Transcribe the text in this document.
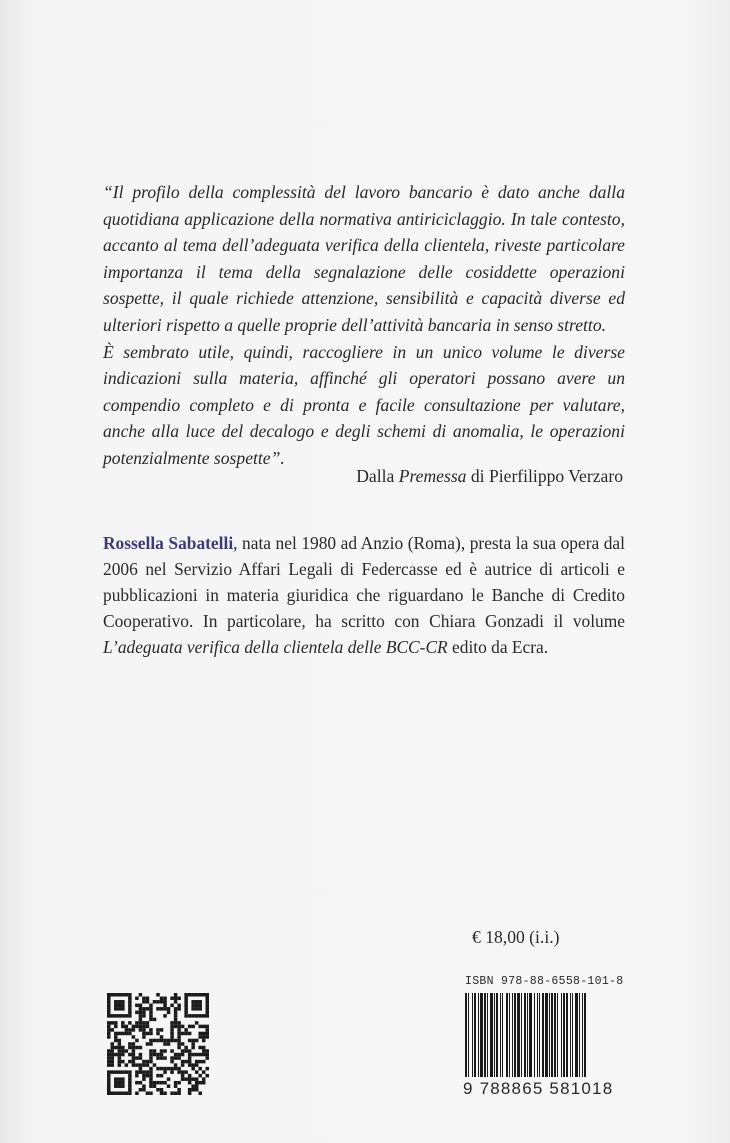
“Il profilo della complessità del lavoro bancario è dato anche dalla quotidiana applicazione della normativa antiriciclaggio. In tale contesto, accanto al tema dell’adeguata verifica della clientela, riveste particolare importanza il tema della segnalazione delle cosiddette operazioni sospette, il quale richiede attenzione, sensibilità e capacità diverse ed ulteriori rispetto a quelle proprie dell’attività bancaria in senso stretto.

È sembrato utile, quindi, raccogliere in un unico volume le diverse indicazioni sulla materia, affinché gli operatori possano avere un compendio completo e di pronta e facile consultazione per valutare, anche alla luce del decalogo e degli schemi di anomalia, le operazioni potenzialmente sospette”.

Dalla Premessa di Pierfilippo Verzaro
Rossella Sabatelli, nata nel 1980 ad Anzio (Roma), presta la sua opera dal 2006 nel Servizio Affari Legali di Federcasse ed è autrice di articoli e pubblicazioni in materia giuridica che riguardano le Banche di Credito Cooperativo. In particolare, ha scritto con Chiara Gonzadi il volume L’adeguata verifica della clientela delle BCC-CR edito da Ecra.
€ 18,00 (i.i.)
ISBN 978-88-6558-101-8
9 788865 581018
